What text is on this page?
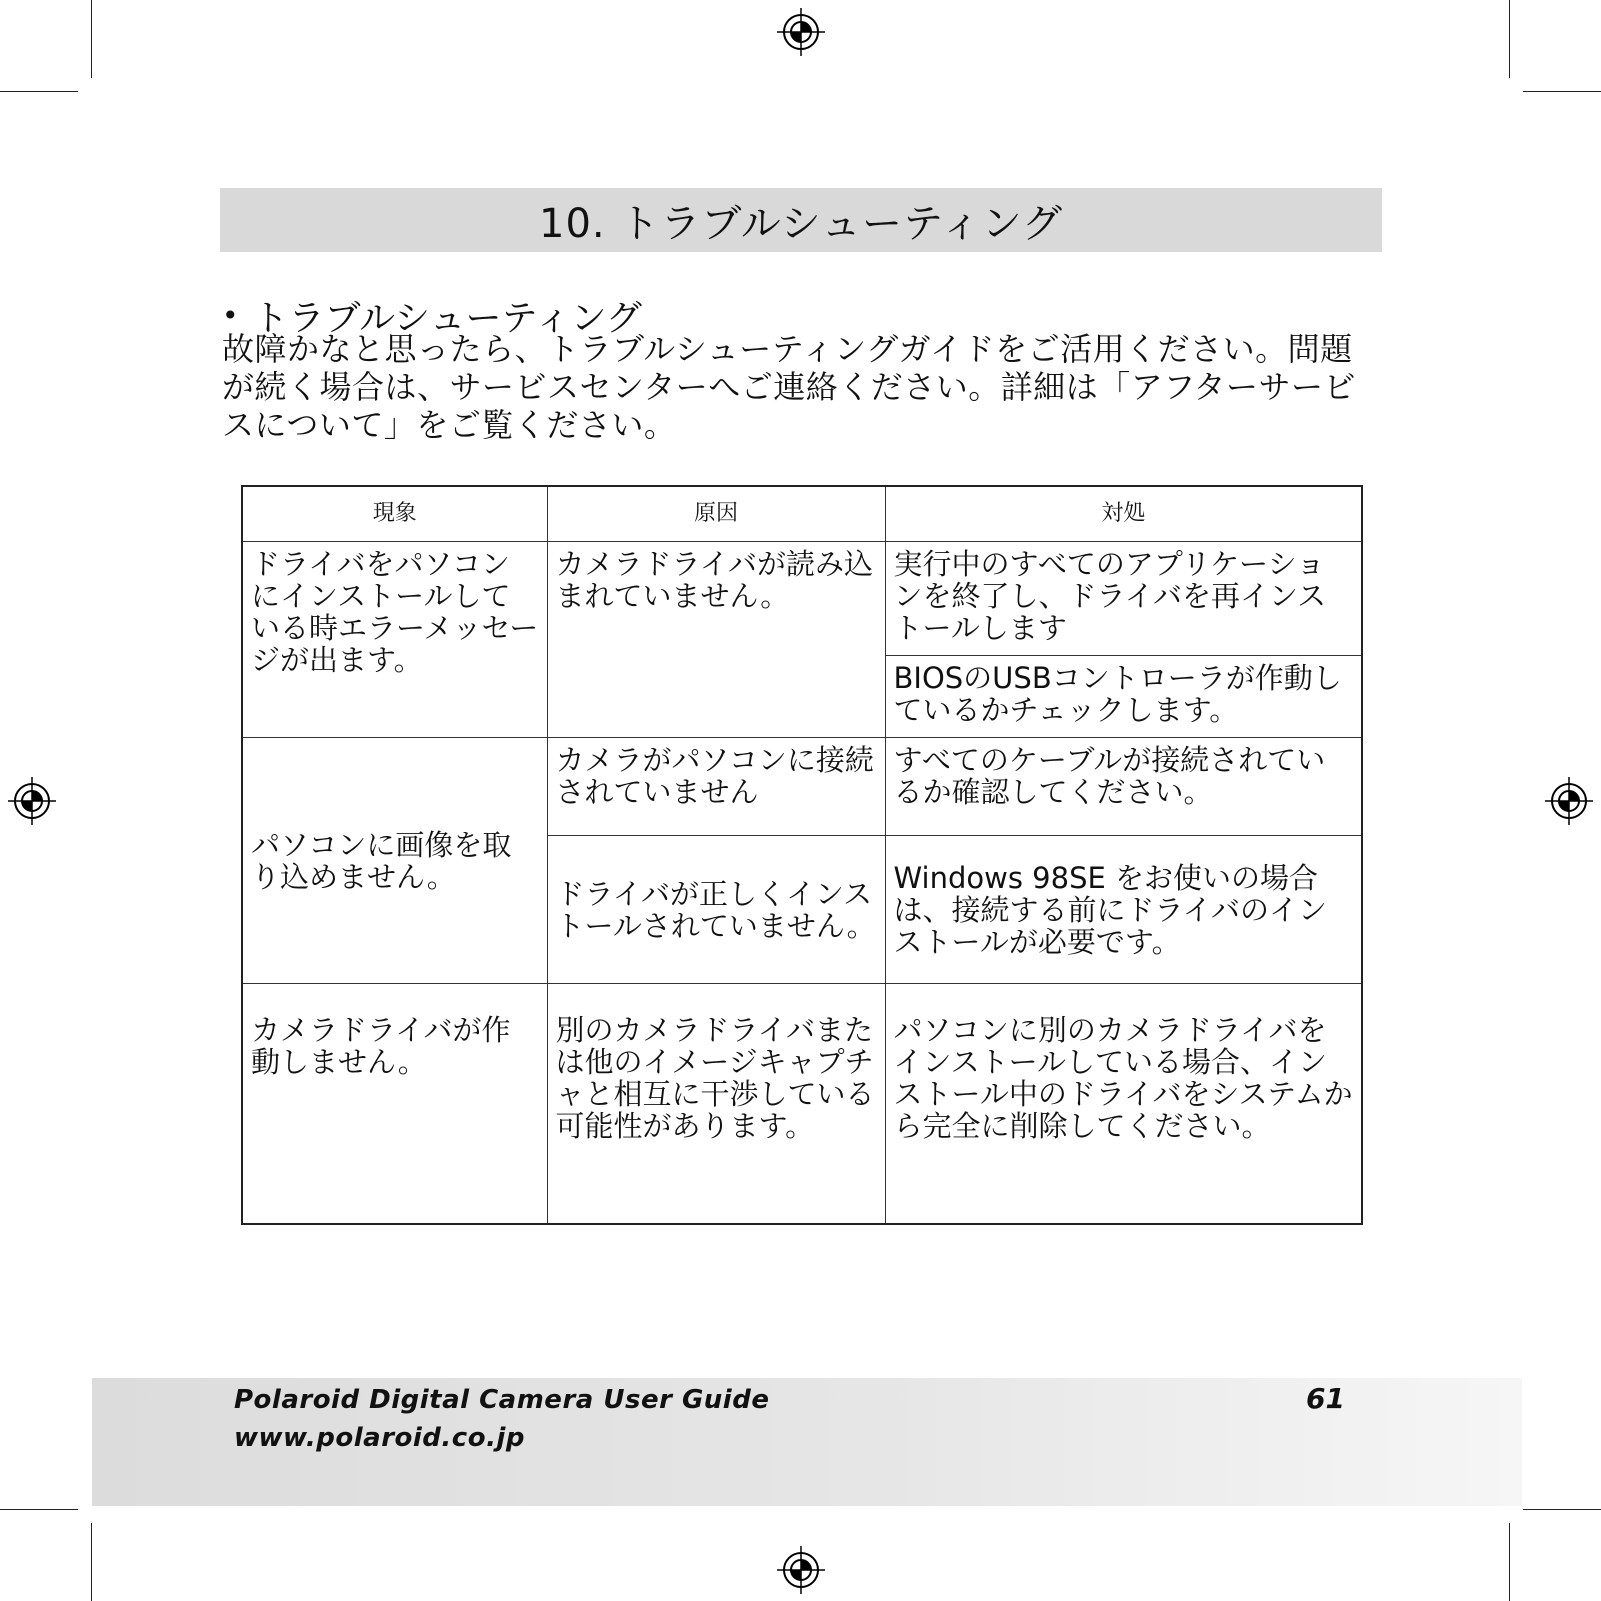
10. トラブルシューティング
• トラブルシューティング
故障かなと思ったら、トラブルシューティングガイドをご活用ください。問題が続く場合は、サービスセンターへご連絡ください。詳細は「アフターサービスについて」をご覧ください。
現象	原因	対処
ドライバをパソコンにインストールしている時エラーメッセージが出ます。	カメラドライバが読み込まれていません。	実行中のすべてのアプリケーションを終了し、ドライバを再インストールします
		BIOSのUSBコントローラが作動しているかチェックします。
パソコンに画像を取り込めません。	カメラがパソコンに接続されていません	すべてのケーブルが接続されているか確認してください。
	ドライバが正しくインストールされていません。	Windows 98SE をお使いの場合は、接続する前にドライバのインストールが必要です。
カメラドライバが作動しません。	別のカメラドライバまたは他のイメージキャプチャと相互に干渉している可能性があります。	パソコンに別のカメラドライバをインストールしている場合、インストール中のドライバをシステムから完全に削除してください。
Polaroid Digital Camera User Guide
www.polaroid.co.jp
61
